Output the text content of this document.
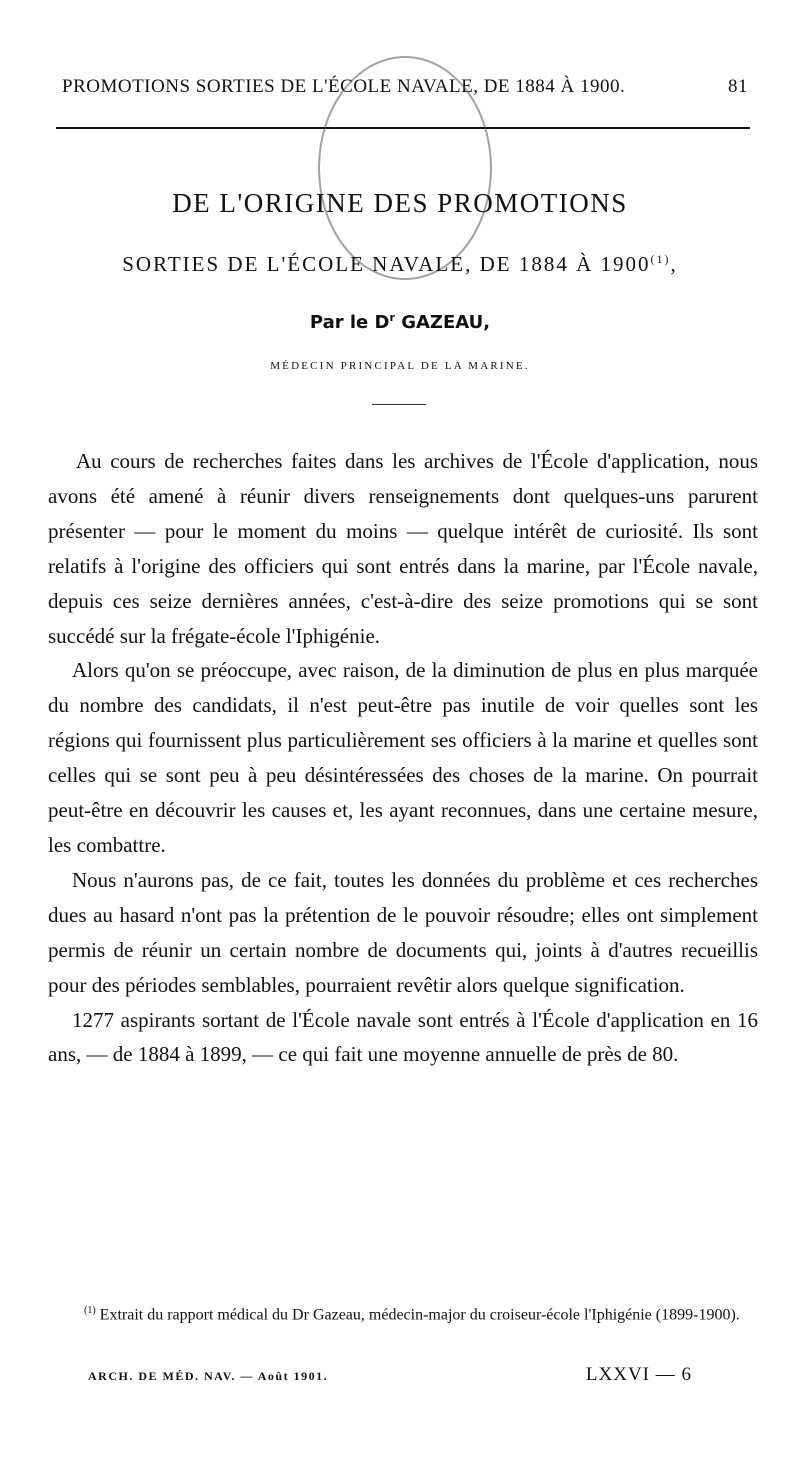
PROMOTIONS SORTIES DE L'ÉCOLE NAVALE, DE 1884 À 1900.	81
DE L'ORIGINE DES PROMOTIONS
SORTIES DE L'ÉCOLE NAVALE, DE 1884 À 1900$^{(1)}$,
Par le $D^r$ GAZEAU,
MÉDECIN PRINCIPAL DE LA MARINE.

Au cours de recherches faites dans les archives de l'École d'application, nous avons été amené à réunir divers renseignements dont quelques-uns parurent présenter — pour le moment du moins — quelque intérêt de curiosité. Ils sont relatifs à l'origine des officiers qui sont entrés dans la marine, par l'École navale, depuis ces seize dernières années, c'est-à-dire des seize promotions qui se sont succédé sur la frégate-école l'Iphigénie.

Alors qu'on se préoccupe, avec raison, de la diminution de plus en plus marquée du nombre des candidats, il n'est peut-être pas inutile de voir quelles sont les régions qui fournissent plus particulièrement ses officiers à la marine et quelles sont celles qui se sont peu à peu désintéressées des choses de la marine. On pourrait peut-être en découvrir les causes et, les ayant reconnues, dans une certaine mesure, les combattre.

Nous n'aurons pas, de ce fait, toutes les données du problème et ces recherches dues au hasard n'ont pas la prétention de le pouvoir résoudre; elles ont simplement permis de réunir un certain nombre de documents qui, joints à d'autres recueillis pour des périodes semblables, pourraient revêtir alors quelque signification.

1277 aspirants sortant de l'École navale sont entrés à l'École d'application en 16 ans, — de 1884 à 1899, — ce qui fait une moyenne annuelle de près de 80.

$^{(1)}$ Extrait du rapport médical du Dr Gazeau, médecin-major du croiseur-école l'Iphigénie (1899-1900).
ARCH. DE MÉD. NAV. — Août 1901.	LXXVI — 6
